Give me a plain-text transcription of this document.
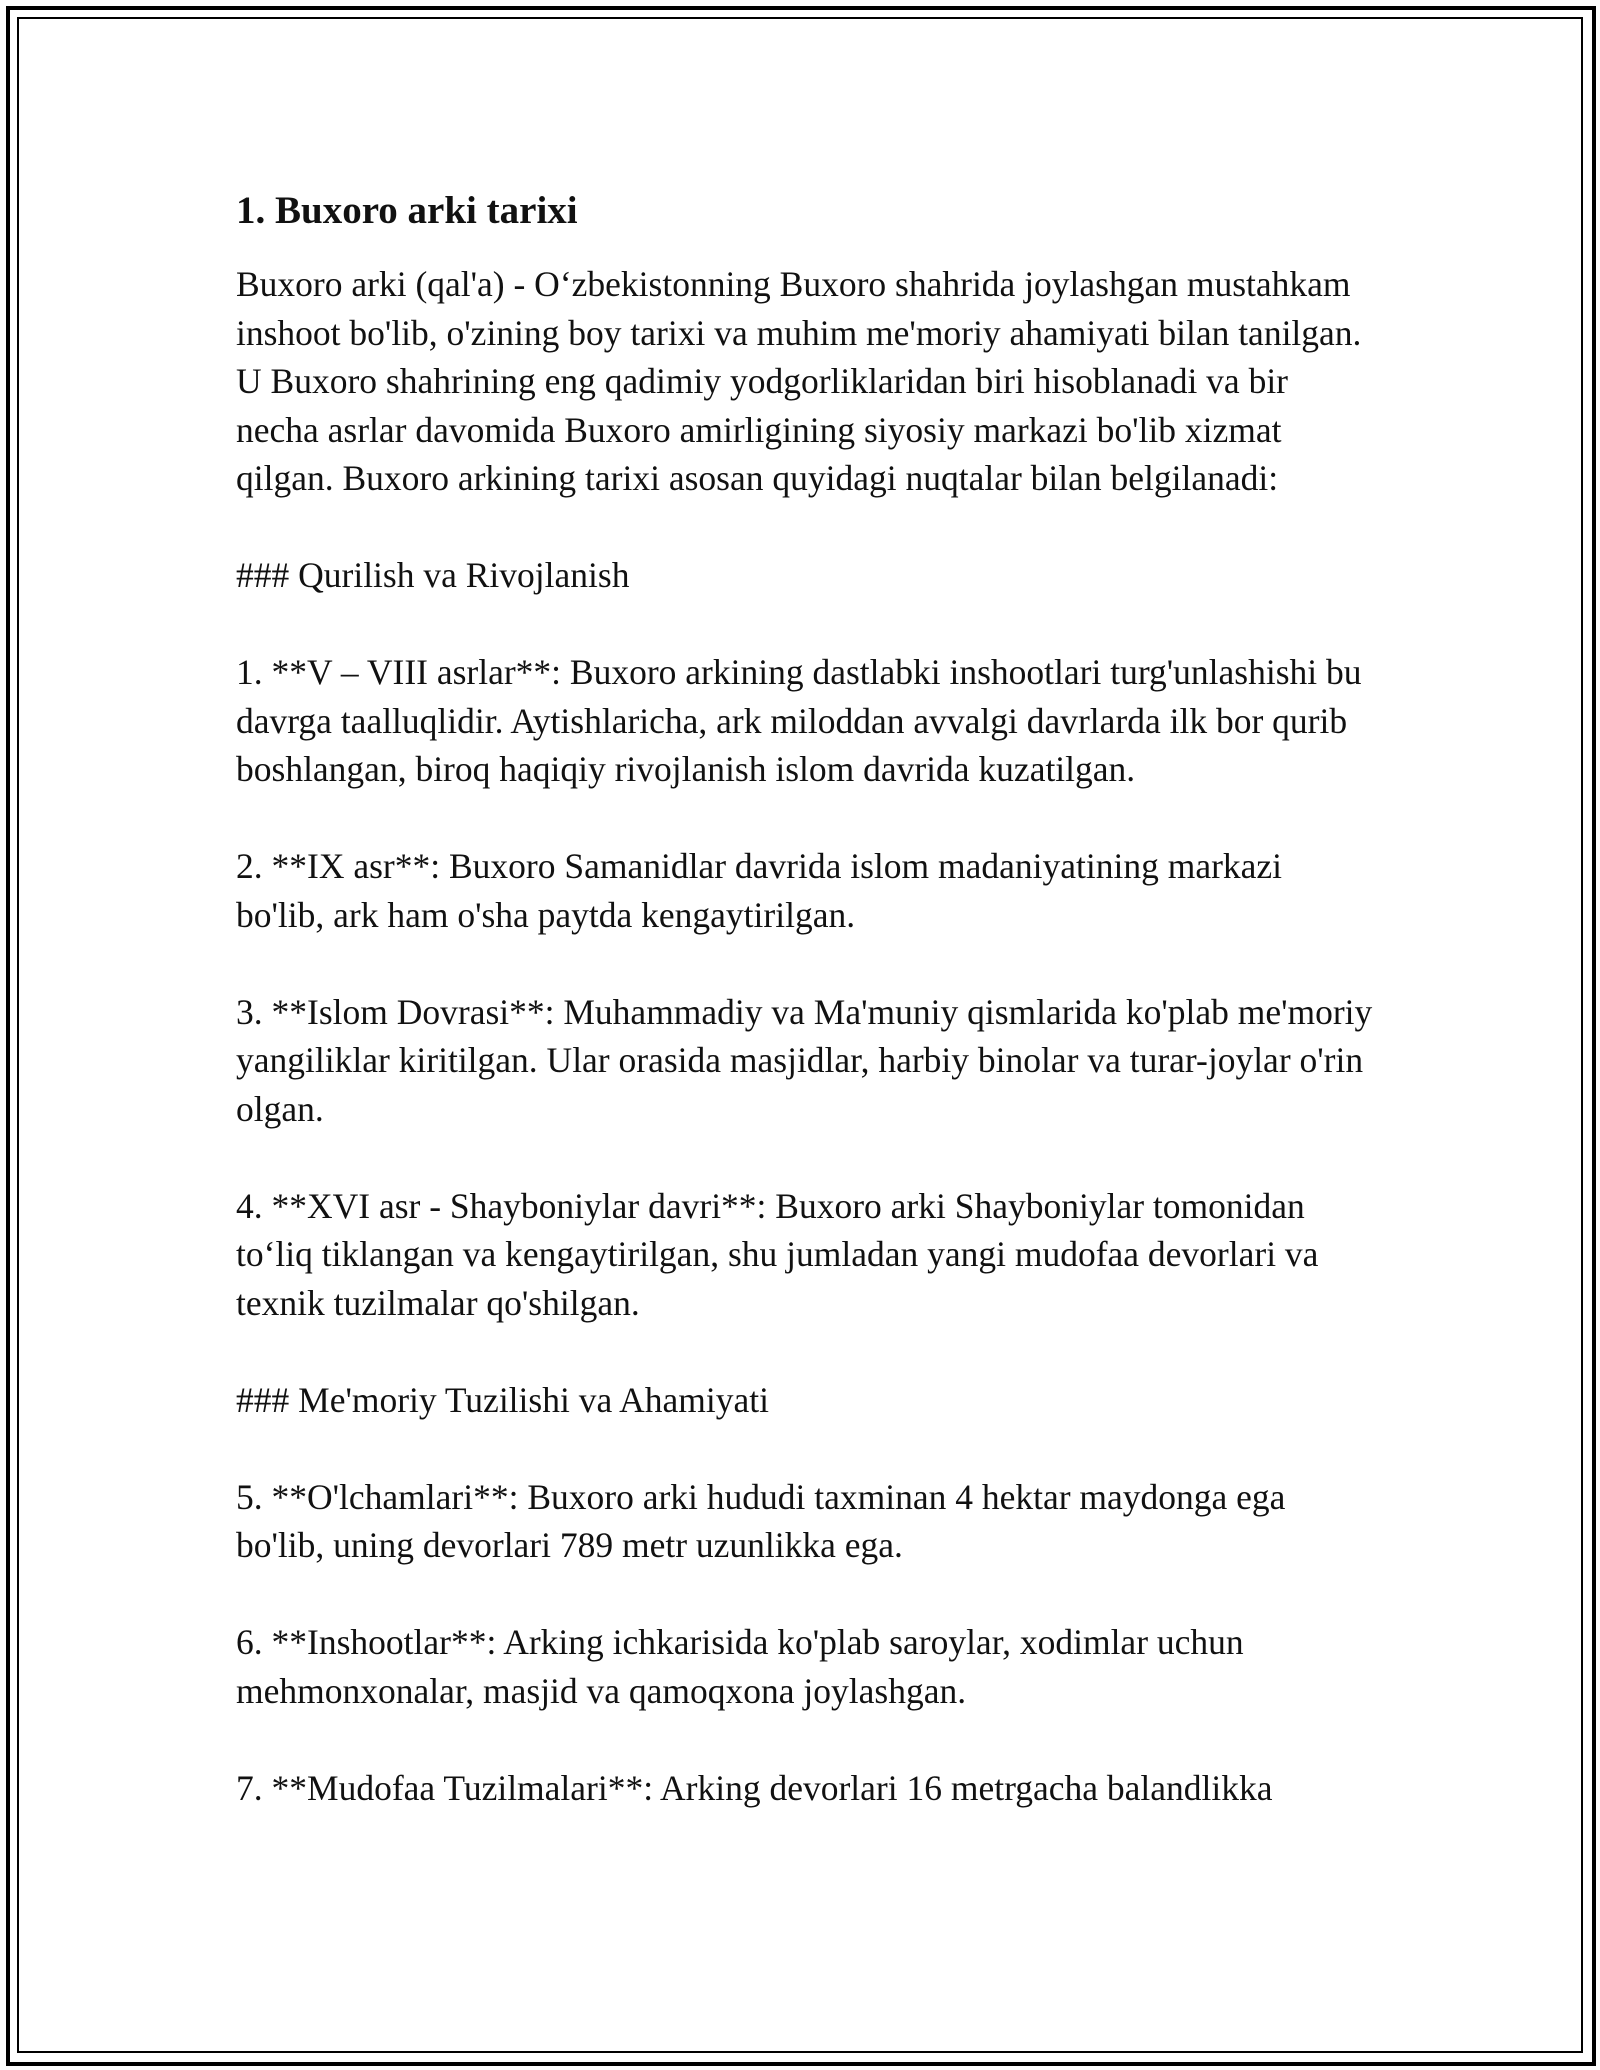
1. Buxoro arki tarixi
Buxoro arki (qal'a) - O‘zbekistonning Buxoro shahrida joylashgan mustahkam inshoot bo'lib, o'zining boy tarixi va muhim me'moriy ahamiyati bilan tanilgan. U Buxoro shahrining eng qadimiy yodgorliklaridan biri hisoblanadi va bir necha asrlar davomida Buxoro amirligining siyosiy markazi bo'lib xizmat qilgan. Buxoro arkining tarixi asosan quyidagi nuqtalar bilan belgilanadi:
### Qurilish va Rivojlanish
1. **V – VIII asrlar**: Buxoro arkining dastlabki inshootlari turg'unlashishi bu davrga taalluqlidir. Aytishlaricha, ark miloddan avvalgi davrlarda ilk bor qurib boshlangan, biroq haqiqiy rivojlanish islom davrida kuzatilgan.
2. **IX asr**: Buxoro Samanidlar davrida islom madaniyatining markazi bo'lib, ark ham o'sha paytda kengaytirilgan.
3. **Islom Dovrasi**: Muhammadiy va Ma'muniy qismlarida ko'plab me'moriy yangiliklar kiritilgan. Ular orasida masjidlar, harbiy binolar va turar-joylar o'rin olgan.
4. **XVI asr - Shayboniylar davri**: Buxoro arki Shayboniylar tomonidan to‘liq tiklangan va kengaytirilgan, shu jumladan yangi mudofaa devorlari va texnik tuzilmalar qo'shilgan.
### Me'moriy Tuzilishi va Ahamiyati
5. **O'lchamlari**: Buxoro arki hududi taxminan 4 hektar maydonga ega bo'lib, uning devorlari 789 metr uzunlikka ega.
6. **Inshootlar**: Arking ichkarisida ko'plab saroylar, xodimlar uchun mehmonxonalar, masjid va qamoqxona joylashgan.
7. **Mudofaa Tuzilmalari**: Arking devorlari 16 metrgacha balandlikka
